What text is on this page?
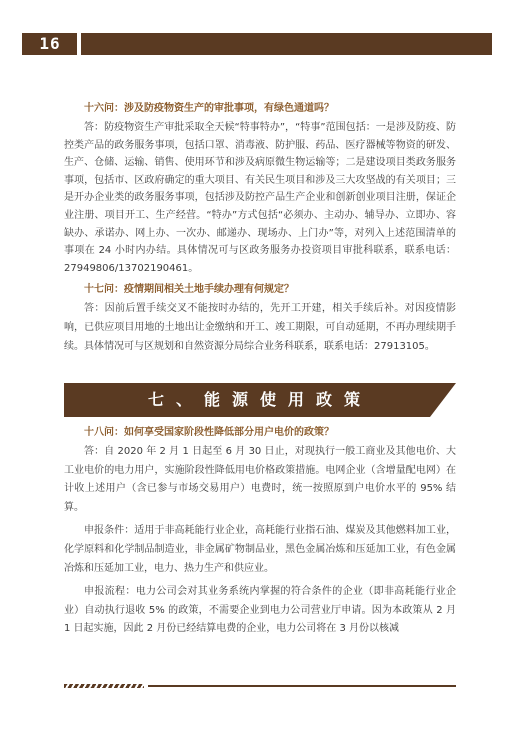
16
十六问：涉及防疫物资生产的审批事项，有绿色通道吗？
答：防疫物资生产审批采取全天候“特事特办”，“特事”范围包括：一是涉及防疫、防控类产品的政务服务事项，包括口罩、消毒液、防护服、药品、医疗器械等物资的研发、生产、仓储、运输、销售、使用环节和涉及病原微生物运输等；二是建设项目类政务服务事项，包括市、区政府确定的重大项目、有关民生项目和涉及三大攻坚战的有关项目；三是开办企业类的政务服务事项，包括涉及防控产品生产企业和创新创业项目注册，保证企业注册、项目开工、生产经营。“特办”方式包括“必须办、主动办、辅导办、立即办、容缺办、承诺办、网上办、一次办、邮递办、现场办、上门办”等，对列入上述范围清单的事项在 24 小时内办结。具体情况可与区政务服务办投资项目审批科联系，联系电话：27949806/13702190461。
十七问：疫情期间相关土地手续办理有何规定？
答：因前后置手续交叉不能按时办结的，先开工开建，相关手续后补。对因疫情影响，已供应项目用地的土地出让金缴纳和开工、竣工期限，可自动延期，不再办理续期手续。具体情况可与区规划和自然资源分局综合业务科联系，联系电话：27913105。
七、能源使用政策
十八问：如何享受国家阶段性降低部分用户电价的政策？
答：自 2020 年 2 月 1 日起至 6 月 30 日止，对现执行一般工商业及其他电价、大工业电价的电力用户，实施阶段性降低用电价格政策措施。电网企业（含增量配电网）在计收上述用户（含已参与市场交易用户）电费时，统一按照原到户电价水平的 95% 结算。
申报条件：适用于非高耗能行业企业，高耗能行业指石油、煤炭及其他燃料加工业，化学原料和化学制品制造业，非金属矿物制品业，黑色金属冶炼和压延加工业，有色金属冶炼和压延加工业，电力、热力生产和供应业。
申报流程：电力公司会对其业务系统内掌握的符合条件的企业（即非高耗能行业企业）自动执行退收 5% 的政策，不需要企业到电力公司营业厅申请。因为本政策从 2 月 1 日起实施，因此 2 月份已经结算电费的企业，电力公司将在 3 月份以核减
